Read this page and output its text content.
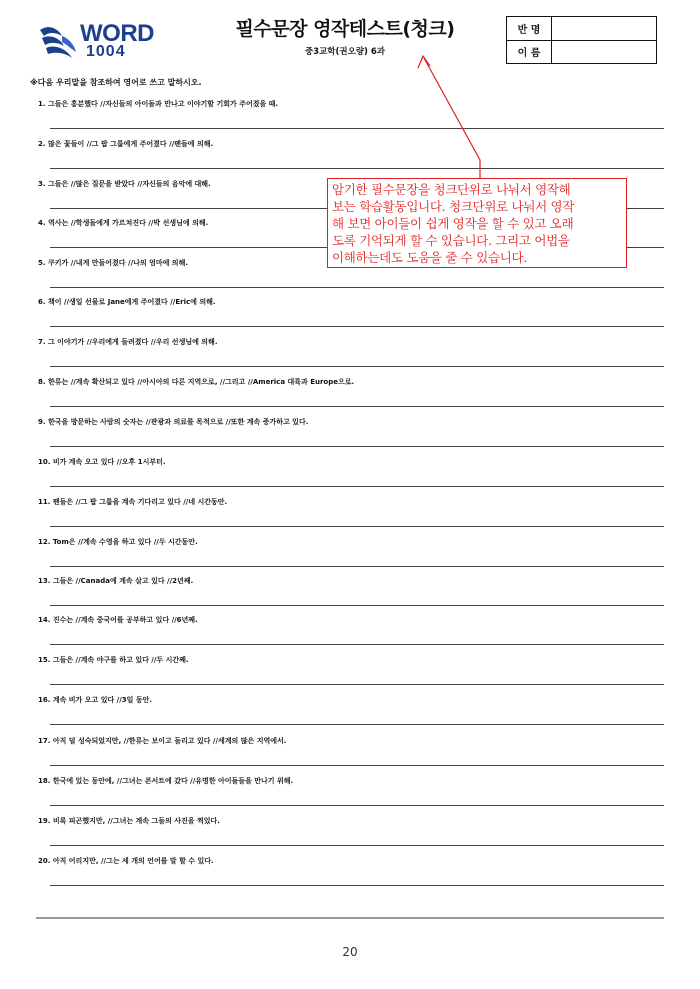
WORD
1004
필수문장 영작테스트(청크)
중3교학(권오량) 6과
반 명	
이 름	
※다음 우리말을 참조하여 영어로 쓰고 말하시오.
1. 그들은 흥분했다 //자신들의 아이돌과 만나고 이야기할 기회가 주어졌을 때.
2. 많은 꽃들이 //그 팝 그룹에게 주어졌다 //팬들에 의해.
3. 그들은 //많은 질문을 받았다 //자신들의 음악에 대해.
4. 역사는 //학생들에게 가르쳐진다 //박 선생님에 의해.
5. 쿠키가 //내게 만들어졌다 //나의 엄마에 의해.
6. 책이 //생일 선물로 Jane에게 주어졌다 //Eric에 의해.
7. 그 이야기가 //우리에게 들려졌다 //우리 선생님에 의해.
8. 한류는 //계속 확산되고 있다 //아시아의 다른 지역으로, //그리고 //America 대륙과 Europe으로.
9. 한국을 방문하는 사람의 숫자는 //관광과 의료를 목적으로 //또한 계속 증가하고 있다.
10. 비가 계속 오고 있다 //오후 1시부터.
11. 팬들은 //그 팝 그룹을 계속 기다리고 있다 //네 시간동안.
12. Tom은 //계속 수영을 하고 있다 //두 시간동안.
13. 그들은 //Canada에 계속 살고 있다 //2년째.
14. 진수는 //계속 중국어를 공부하고 있다 //6년째.
15. 그들은 //계속 야구를 하고 있다 //두 시간째.
16. 계속 비가 오고 있다 //3일 동안.
17. 아직 덜 성숙되었지만, //한류는 보이고 들리고 있다 //세계의 많은 지역에서.
18. 한국에 있는 동안에, //그녀는 콘서트에 갔다 //유명한 아이돌들을 만나기 위해.
19. 비록 피곤했지만, //그녀는 계속 그들의 사진을 찍었다.
20. 아직 어리지만, //그는 세 개의 언어를 말 할 수 있다.
암기한 필수문장을 청크단위로 나눠서 영작해
보는 학습활동입니다. 청크단위로 나눠서 영작
해 보면 아이들이 쉽게 영작을 할 수 있고 오래
도록 기억되게 할 수 있습니다. 그리고 어법을
이해하는데도 도움을 줄 수 있습니다.
20
